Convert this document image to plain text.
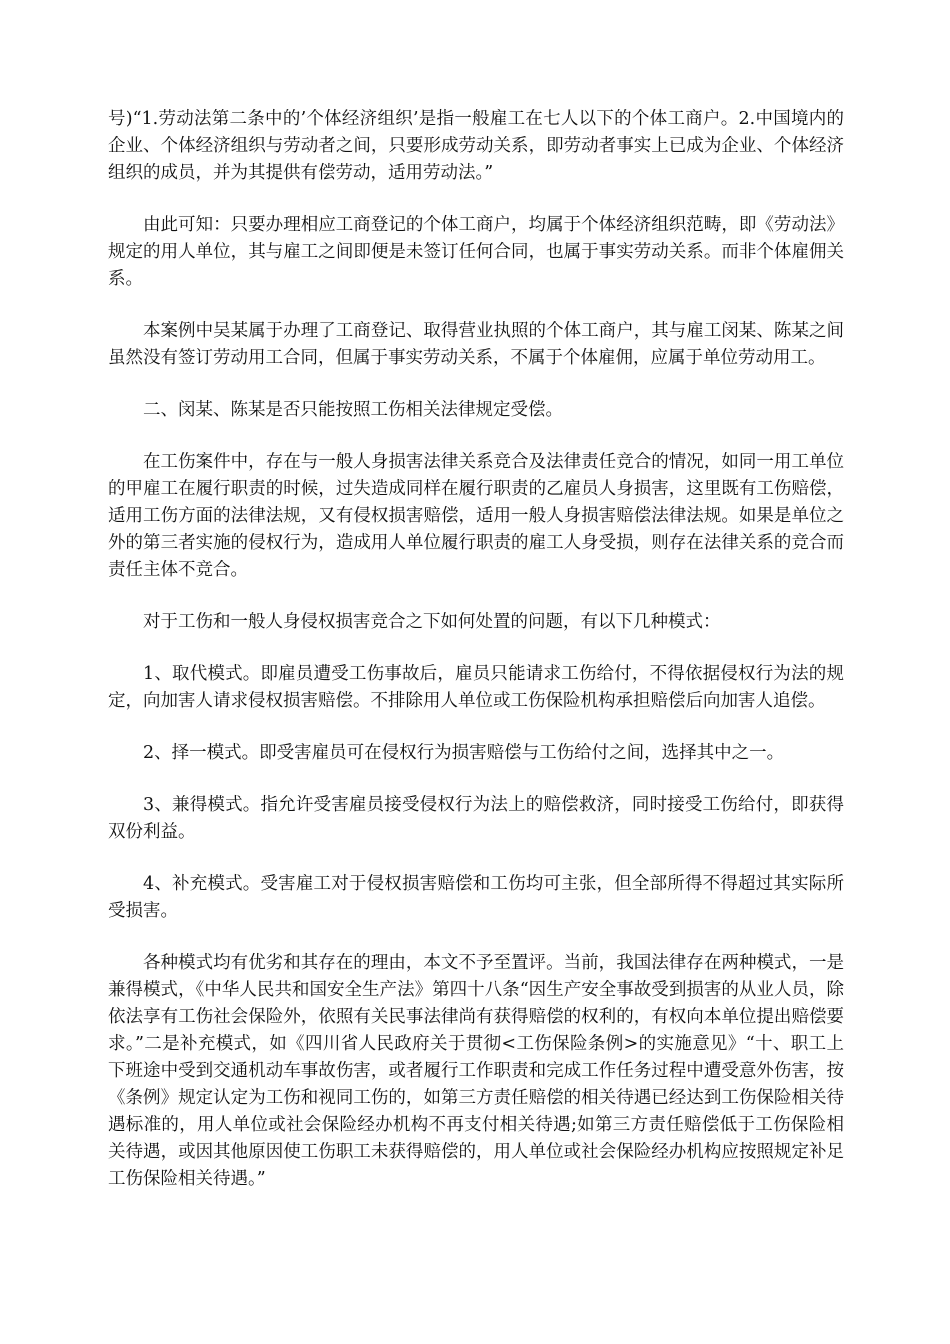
号)“1.劳动法第二条中的’个体经济组织’是指一般雇工在七人以下的个体工商户。2.中国境内的企业、个体经济组织与劳动者之间，只要形成劳动关系，即劳动者事实上已成为企业、个体经济组织的成员，并为其提供有偿劳动，适用劳动法。”

由此可知：只要办理相应工商登记的个体工商户，均属于个体经济组织范畴，即《劳动法》规定的用人单位，其与雇工之间即便是未签订任何合同，也属于事实劳动关系。而非个体雇佣关系。

本案例中吴某属于办理了工商登记、取得营业执照的个体工商户，其与雇工闵某、陈某之间虽然没有签订劳动用工合同，但属于事实劳动关系，不属于个体雇佣，应属于单位劳动用工。

二、闵某、陈某是否只能按照工伤相关法律规定受偿。

在工伤案件中，存在与一般人身损害法律关系竞合及法律责任竞合的情况，如同一用工单位的甲雇工在履行职责的时候，过失造成同样在履行职责的乙雇员人身损害，这里既有工伤赔偿，适用工伤方面的法律法规，又有侵权损害赔偿，适用一般人身损害赔偿法律法规。如果是单位之外的第三者实施的侵权行为，造成用人单位履行职责的雇工人身受损，则存在法律关系的竞合而责任主体不竞合。

对于工伤和一般人身侵权损害竞合之下如何处置的问题，有以下几种模式：

1、取代模式。即雇员遭受工伤事故后，雇员只能请求工伤给付，不得依据侵权行为法的规定，向加害人请求侵权损害赔偿。不排除用人单位或工伤保险机构承担赔偿后向加害人追偿。

2、择一模式。即受害雇员可在侵权行为损害赔偿与工伤给付之间，选择其中之一。

3、兼得模式。指允许受害雇员接受侵权行为法上的赔偿救济，同时接受工伤给付，即获得双份利益。

4、补充模式。受害雇工对于侵权损害赔偿和工伤均可主张，但全部所得不得超过其实际所受损害。

各种模式均有优劣和其存在的理由，本文不予至置评。当前，我国法律存在两种模式，一是兼得模式，《中华人民共和国安全生产法》第四十八条“因生产安全事故受到损害的从业人员，除依法享有工伤社会保险外，依照有关民事法律尚有获得赔偿的权利的，有权向本单位提出赔偿要求。”二是补充模式，如《四川省人民政府关于贯彻<工伤保险条例>的实施意见》“十、职工上下班途中受到交通机动车事故伤害，或者履行工作职责和完成工作任务过程中遭受意外伤害，按《条例》规定认定为工伤和视同工伤的，如第三方责任赔偿的相关待遇已经达到工伤保险相关待遇标准的，用人单位或社会保险经办机构不再支付相关待遇;如第三方责任赔偿低于工伤保险相关待遇，或因其他原因使工伤职工未获得赔偿的，用人单位或社会保险经办机构应按照规定补足工伤保险相关待遇。”
